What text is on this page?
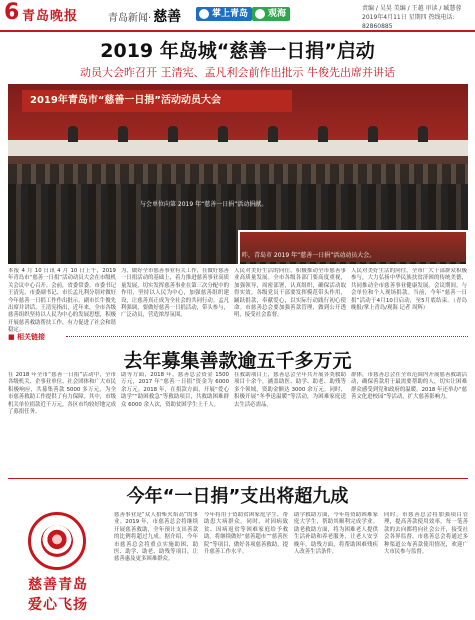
6 青岛晚报	青岛新闻· 慈善	掌上青岛	观海
责编 / 吴昊 美编 / 王越 审读 / 臧慧蓉
2019年4月11日 星期四 热线电话: 82860885
2019 年岛城“慈善一日捐”启动
动员大会昨召开 王清宪、孟凡利会前作出批示 牛俊先出席并讲话
2019年青岛市“慈善一日捐”活动动员大会
与会单位向第 2019 年“慈善一日捐”活动捐献。
昨，青岛市 2019 年“慈善一日捐”活动动员大会。
本报 4 月 10 日讯 4 月 10 日上午，2019 年青岛市“慈善一日捐”活动动员大会在市级机关会议中心召开。会前，省委常委、市委书记王清宪，市委副书记、市长孟凡利分别对做好今年慈善一日捐工作作出批示。副市长牛俊先出席并讲话。王清宪指出，近年来，全市各级慈善组织坚持以人民为中心的发展思想，积极开展慈善救助帮扶工作，有力促进了社会和谐稳定。
为，做好全市慈善事业有关工作，在做好慈善一日捐活动的基础上，着力推进慈善事业高质量发展，切实发挥慈善事业在第三次分配中的作用，坚持以人民为中心，加强慈善组织建设，让慈善真正成为全社会的共同行动。孟凡利强调，要做好慈善一日捐活动，带头参与，广泛动员，营造浓厚氛围。
人民对美好生活的向往，积极推动全市慈善事业高质量发展。全市各级各部门要高度重视，加强领导，周密部署，认真组织，确保活动取得实效。各级党员干部要发挥模范带头作用，踊跃捐款，奉献爱心，以实际行动践行初心使命。市慈善总会要加强善款管理，做到公开透明，接受社会监督。
人民对美好生活的向往，全市广大干部群众积极参与，大力弘扬中华民族扶贫济困的传统美德，共同推动全市慈善事业健康发展。会议期间，与会单位和个人现场捐款。当前，今年“慈善一日捐”活动于4月10日启动，至5月底结束。（青岛晚报/掌上青岛/观海 记者 周辉）
■ 相关链接
去年募集善款逾五千多万元
在 2018 年全市“慈善一日捐”活动中，全市各级机关、企事业单位、社会团体和广大市民积极响应，共募集善款 5000 多万元，为全市慈善救助工作提供了有力保障。其中，市级机关单位捐款近千万元，各区市均较好地完成了募捐任务。
助等方面，2018 年，慈善总会资金 1500 万元，2017 年“慈善一日捐”资金为 6000 余万元。2018 年，在捐款方面，开展“爱心助学”“助困救急”等救助项目，共救助困难群众 6000 余人次，资助贫困学生上千人。
在救助项目上，慈善总会全年共开展各类救助项目十余个，涵盖助医、助学、助老、助残等多个领域，资助金额达 3000 余万元。同时，积极开展“冬季送温暖”等活动，为困难家庭送去生活必需品。
群体，市慈善总会在全市范围内开展慈善救助活动，确保善款用于最需要帮助的人，切实让困难群众感受到党和政府的温暖。2018 年还举办“慈善文化进校园”等活动，扩大慈善影响力。
今年“一日捐”支出将超九成
慈善青岛
爱心飞扬
慈善事业是“众人拾柴火焰高”的事业。2019 年，市慈善总会将继续开展慈善救助，全年预计支出善款的比例将超过九成。据介绍，今年市慈善总会将重点实施助困、助医、助学、助老、助残等项目，让慈善惠及更多困难群众。
今年将用于资助贫困家庭学生，帮助患大病群众。同时，对因病致贫、因病返贫等困难家庭给予救助。将继续做好“慈善超市”“慈善医院”等项目，做好各项慈善救助，提升慈善工作水平。
助学救助方面，今年将资助困难家庭大学生，帮助其顺利完成学业。助老救助方面，将为困难老人提供生活补助和养老服务，让老人安享晚年。助残方面，将帮助困难残疾人改善生活条件。
同时，市慈善总会将加强项目管理，提高善款使用效率，每一笔善款的去向都将向社会公开，接受社会各界监督。市慈善总会将通过多种渠道公布善款使用情况，欢迎广大市民参与监督。
